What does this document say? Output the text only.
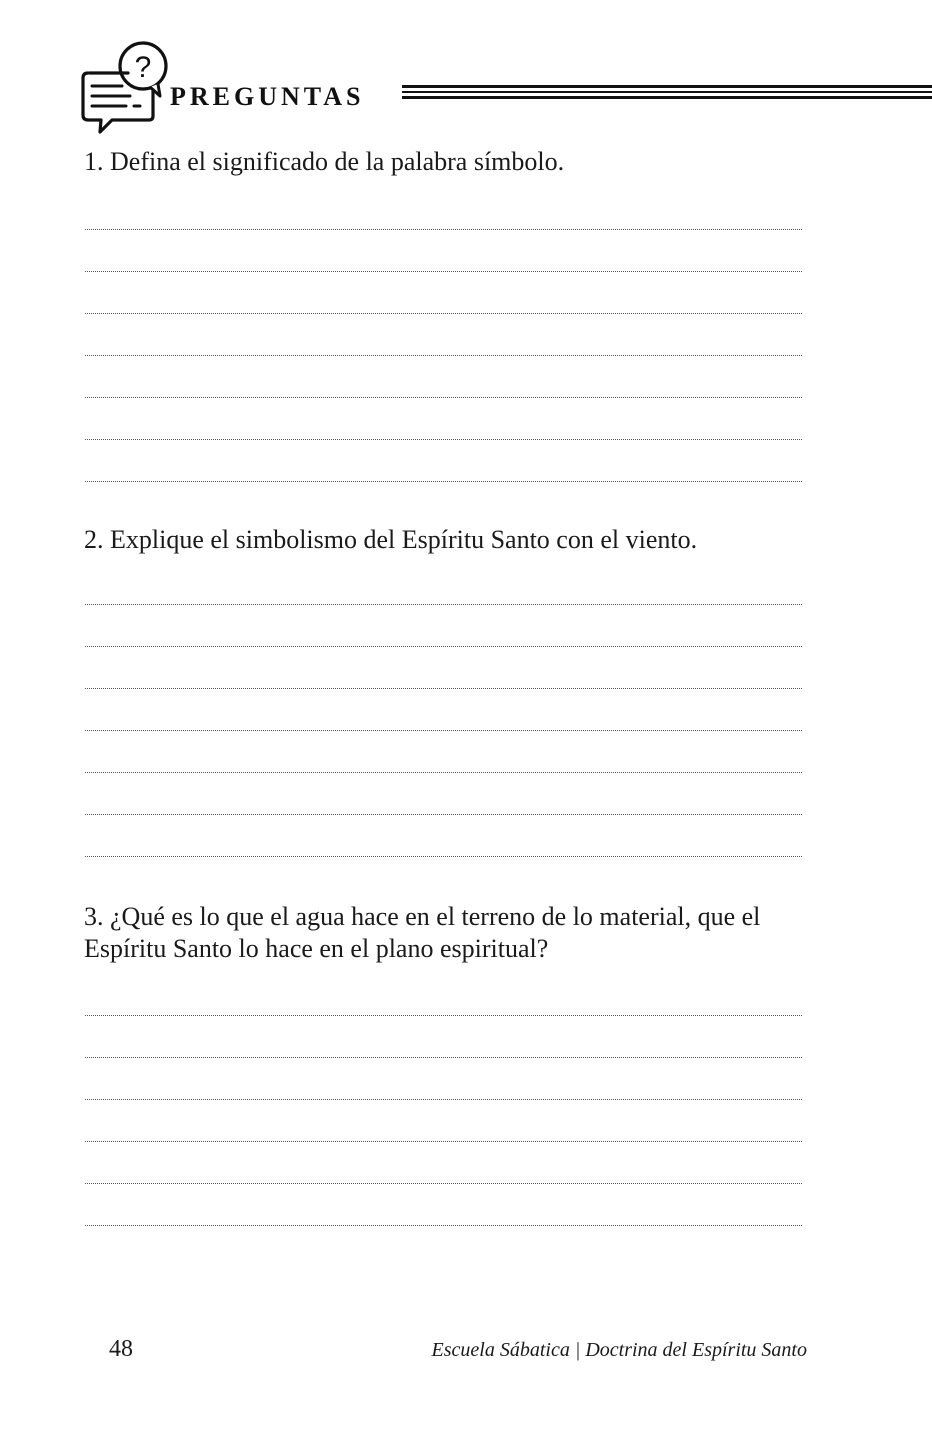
?
PREGUNTAS
1. Defina el significado de la palabra símbolo.
2. Explique el simbolismo del Espíritu Santo con el viento.
3. ¿Qué es lo que el agua hace en el terreno de lo material, que el Espíritu Santo lo hace en el plano espiritual?
48	Escuela Sábatica | Doctrina del Espíritu Santo
